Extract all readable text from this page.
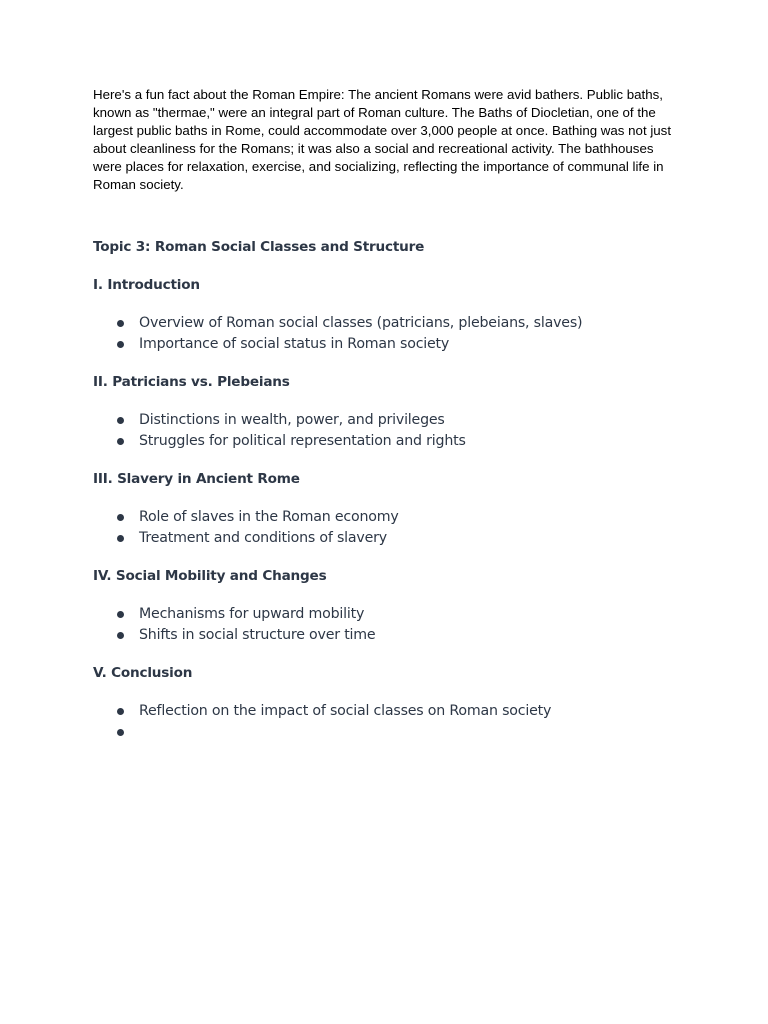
Here's a fun fact about the Roman Empire: The ancient Romans were avid bathers. Public baths, known as "thermae," were an integral part of Roman culture. The Baths of Diocletian, one of the largest public baths in Rome, could accommodate over 3,000 people at once. Bathing was not just about cleanliness for the Romans; it was also a social and recreational activity. The bathhouses were places for relaxation, exercise, and socializing, reflecting the importance of communal life in Roman society.

Topic 3: Roman Social Classes and Structure
I. Introduction
Overview of Roman social classes (patricians, plebeians, slaves)
Importance of social status in Roman society
II. Patricians vs. Plebeians
Distinctions in wealth, power, and privileges
Struggles for political representation and rights
III. Slavery in Ancient Rome
Role of slaves in the Roman economy
Treatment and conditions of slavery
IV. Social Mobility and Changes
Mechanisms for upward mobility
Shifts in social structure over time
V. Conclusion
Reflection on the impact of social classes on Roman society
